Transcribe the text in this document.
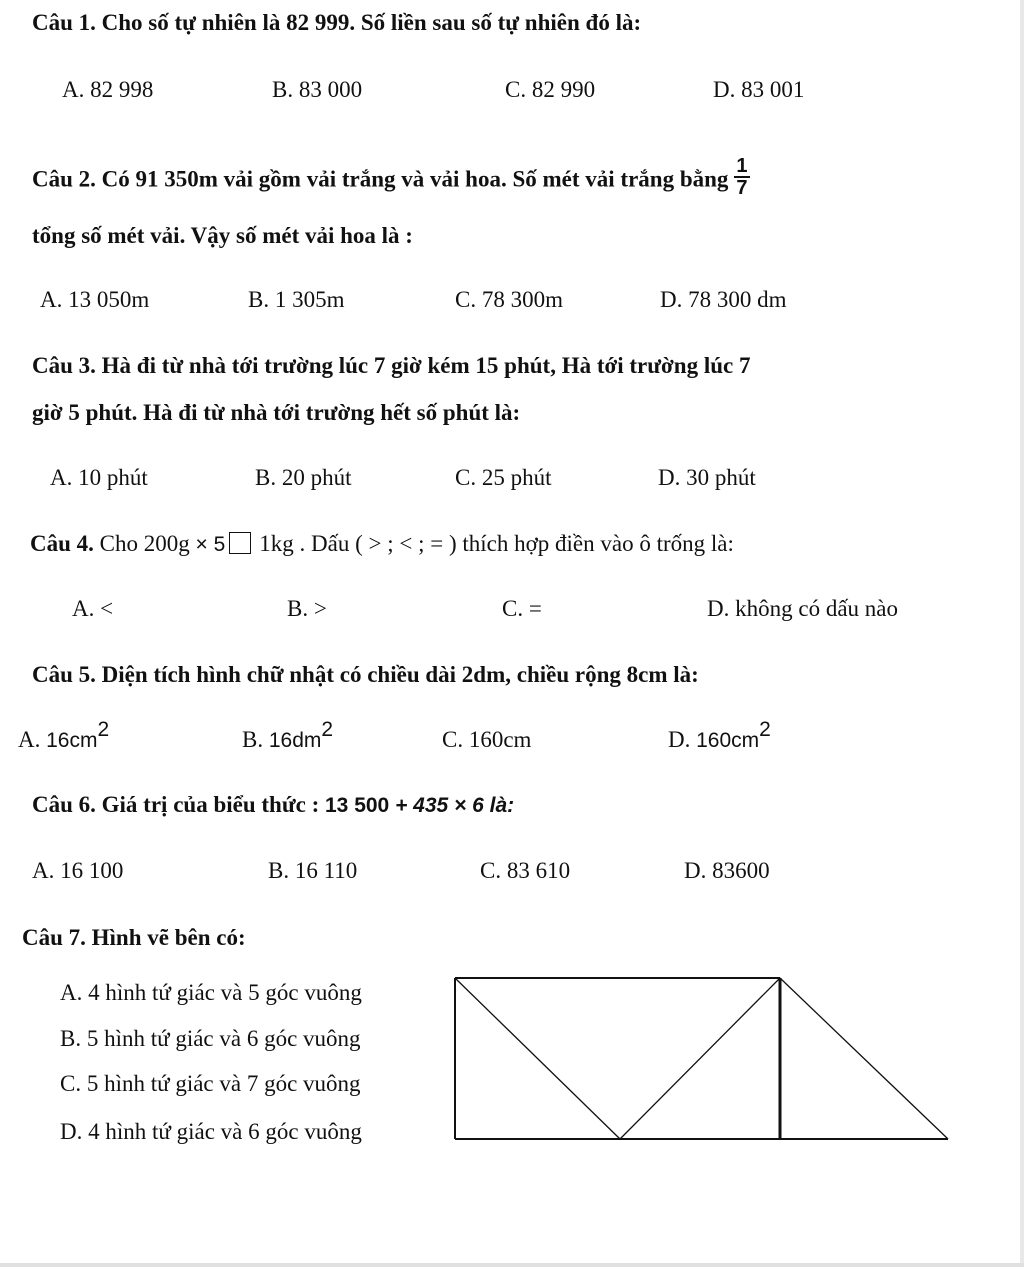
Câu 1. Cho số tự nhiên là 82 999. Số liền sau số tự nhiên đó là:
A. 82 998	B. 83 000	C. 82 990	D. 83 001
Câu 2. Có 91 350m vải gồm vải trắng và vải hoa. Số mét vải trắng bằng $\frac{1}{7}$
tổng số mét vải. Vậy số mét vải hoa là :
A. 13 050m	B. 1 305m	C. 78 300m	D. 78 300 dm
Câu 3. Hà đi từ nhà tới trường lúc 7 giờ kém 15 phút, Hà tới trường lúc 7
giờ 5 phút. Hà đi từ nhà tới trường hết số phút là:
A. 10 phút	B. 20 phút	C. 25 phút	D. 30 phút
Câu 4. Cho 200g × 5 1kg . Dấu ( > ; < ; = ) thích hợp điền vào ô trống là:
A. <	B. >	C. =	D. không có dấu nào
Câu 5. Diện tích hình chữ nhật có chiều dài 2dm, chiều rộng 8cm là:
A. $16cm^2$	B. $16dm^2$	C. 160cm	D. $160cm^2$
Câu 6. Giá trị của biểu thức : 13 500 + 435 × 6 là:
A. 16 100	B. 16 110	C. 83 610	D. 83600
Câu 7. Hình vẽ bên có:
A. 4 hình tứ giác và 5 góc vuông
B. 5 hình tứ giác và 6 góc vuông
C. 5 hình tứ giác và 7 góc vuông
D. 4 hình tứ giác và 6 góc vuông
